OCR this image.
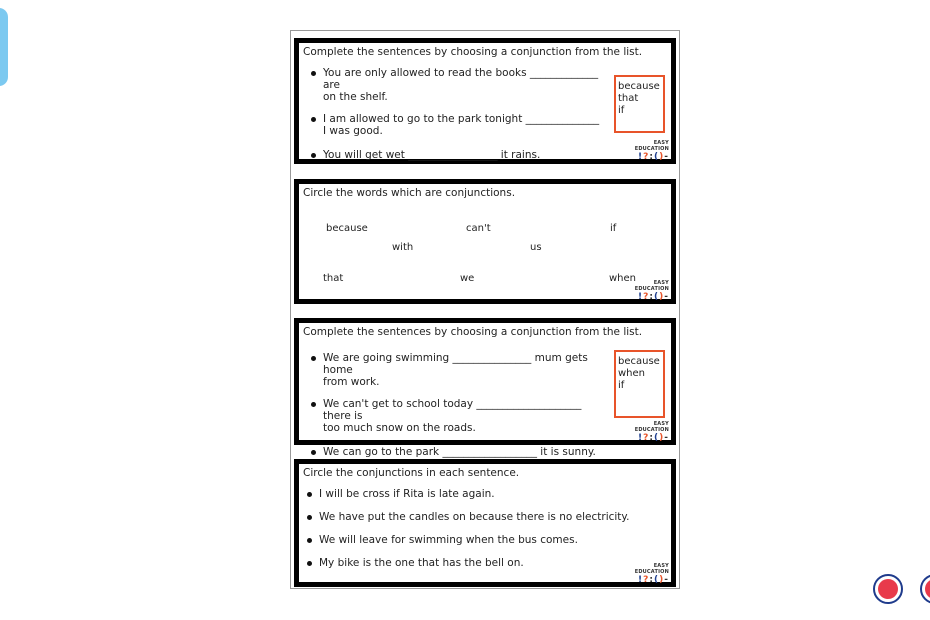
Complete the sentences by choosing a conjunction from the list.
You are only allowed to read the books _____________ are
on the shelf.
I am allowed to go to the park tonight ______________
I was good.
You will get wet _________________ it rains.
because
that
if
EASY EDUCATION
!?:()-
Circle the words which are conjunctions.
because	can't	if
with	us
that	we	when	EASY EDUCATION
!?:()-
Complete the sentences by choosing a conjunction from the list.
We are going swimming _______________ mum gets home
from work.
We can't get to school today ____________________ there is
too much snow on the roads.
We can go to the park __________________ it is sunny.
because
when
if
EASY EDUCATION
!?:()-
Circle the conjunctions in each sentence.
I will be cross if Rita is late again.
We have put the candles on because there is no electricity.
We will leave for swimming when the bus comes.
My bike is the one that has the bell on.	EASY EDUCATION
!?:()-
